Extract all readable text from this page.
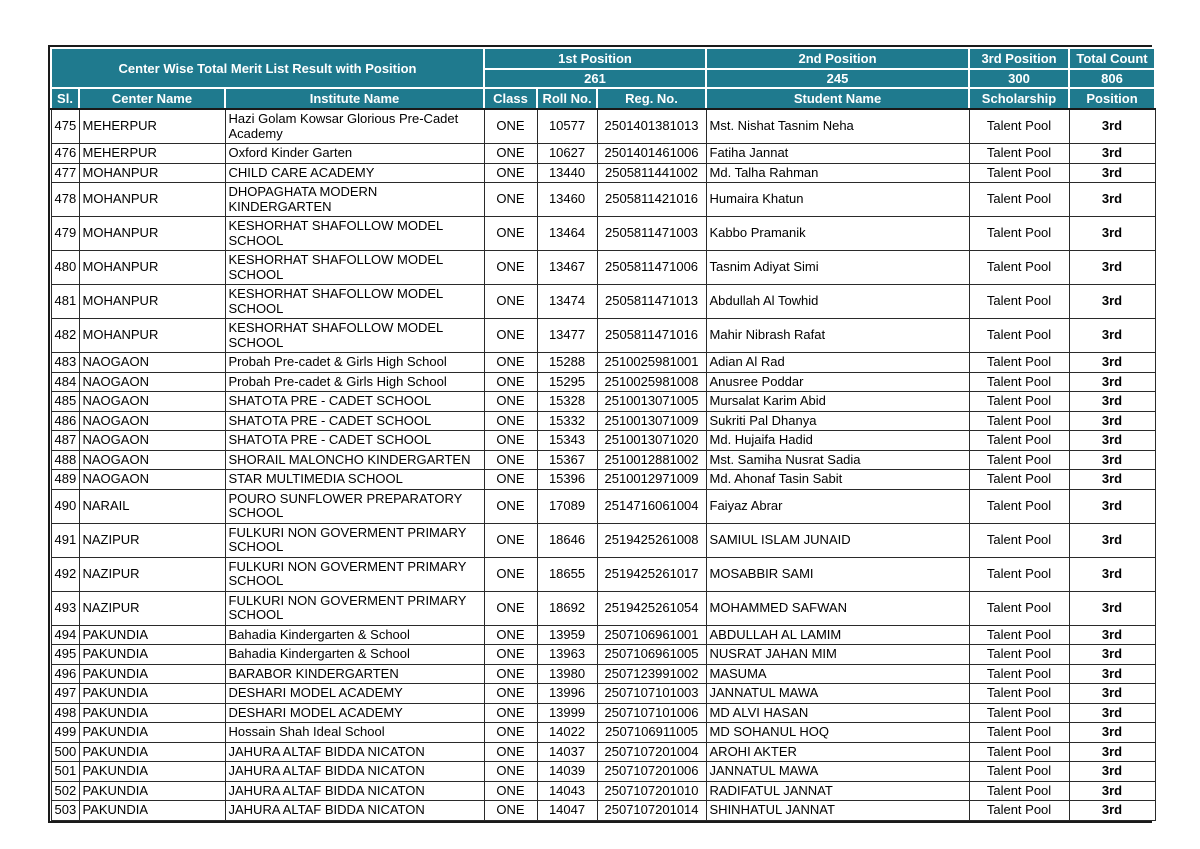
Center Wise Total Merit List Result with Position			1st Position			2nd Position	3rd Position	Total Count
			261			245	300	806
Sl.	Center Name	Institute Name	Class	Roll No.	Reg. No.	Student Name	Scholarship	Position
475	MEHERPUR	Hazi Golam Kowsar Glorious Pre-Cadet Academy	ONE	10577	2501401381013	Mst. Nishat Tasnim Neha	Talent Pool	3rd
476	MEHERPUR	Oxford Kinder Garten	ONE	10627	2501401461006	Fatiha Jannat	Talent Pool	3rd
477	MOHANPUR	CHILD CARE ACADEMY	ONE	13440	2505811441002	Md. Talha Rahman	Talent Pool	3rd
478	MOHANPUR	DHOPAGHATA MODERN KINDERGARTEN	ONE	13460	2505811421016	Humaira Khatun	Talent Pool	3rd
479	MOHANPUR	KESHORHAT SHAFOLLOW MODEL SCHOOL	ONE	13464	2505811471003	Kabbo Pramanik	Talent Pool	3rd
480	MOHANPUR	KESHORHAT SHAFOLLOW MODEL SCHOOL	ONE	13467	2505811471006	Tasnim Adiyat Simi	Talent Pool	3rd
481	MOHANPUR	KESHORHAT SHAFOLLOW MODEL SCHOOL	ONE	13474	2505811471013	Abdullah Al Towhid	Talent Pool	3rd
482	MOHANPUR	KESHORHAT SHAFOLLOW MODEL SCHOOL	ONE	13477	2505811471016	Mahir Nibrash Rafat	Talent Pool	3rd
483	NAOGAON	Probah Pre-cadet & Girls High School	ONE	15288	2510025981001	Adian Al Rad	Talent Pool	3rd
484	NAOGAON	Probah Pre-cadet & Girls High School	ONE	15295	2510025981008	Anusree Poddar	Talent Pool	3rd
485	NAOGAON	SHATOTA PRE - CADET SCHOOL	ONE	15328	2510013071005	Mursalat Karim Abid	Talent Pool	3rd
486	NAOGAON	SHATOTA PRE - CADET SCHOOL	ONE	15332	2510013071009	Sukriti Pal Dhanya	Talent Pool	3rd
487	NAOGAON	SHATOTA PRE - CADET SCHOOL	ONE	15343	2510013071020	Md. Hujaifa Hadid	Talent Pool	3rd
488	NAOGAON	SHORAIL MALONCHO KINDERGARTEN	ONE	15367	2510012881002	Mst. Samiha Nusrat Sadia	Talent Pool	3rd
489	NAOGAON	STAR MULTIMEDIA SCHOOL	ONE	15396	2510012971009	Md. Ahonaf Tasin Sabit	Talent Pool	3rd
490	NARAIL	POURO SUNFLOWER PREPARATORY SCHOOL	ONE	17089	2514716061004	Faiyaz Abrar	Talent Pool	3rd
491	NAZIPUR	FULKURI NON GOVERMENT PRIMARY SCHOOL	ONE	18646	2519425261008	SAMIUL ISLAM JUNAID	Talent Pool	3rd
492	NAZIPUR	FULKURI NON GOVERMENT PRIMARY SCHOOL	ONE	18655	2519425261017	MOSABBIR SAMI	Talent Pool	3rd
493	NAZIPUR	FULKURI NON GOVERMENT PRIMARY SCHOOL	ONE	18692	2519425261054	MOHAMMED SAFWAN	Talent Pool	3rd
494	PAKUNDIA	Bahadia Kindergarten & School	ONE	13959	2507106961001	ABDULLAH AL LAMIM	Talent Pool	3rd
495	PAKUNDIA	Bahadia Kindergarten & School	ONE	13963	2507106961005	NUSRAT JAHAN MIM	Talent Pool	3rd
496	PAKUNDIA	BARABOR KINDERGARTEN	ONE	13980	2507123991002	MASUMA	Talent Pool	3rd
497	PAKUNDIA	DESHARI MODEL ACADEMY	ONE	13996	2507107101003	JANNATUL MAWA	Talent Pool	3rd
498	PAKUNDIA	DESHARI MODEL ACADEMY	ONE	13999	2507107101006	MD ALVI HASAN	Talent Pool	3rd
499	PAKUNDIA	Hossain Shah Ideal School	ONE	14022	2507106911005	MD SOHANUL HOQ	Talent Pool	3rd
500	PAKUNDIA	JAHURA ALTAF BIDDA NICATON	ONE	14037	2507107201004	AROHI AKTER	Talent Pool	3rd
501	PAKUNDIA	JAHURA ALTAF BIDDA NICATON	ONE	14039	2507107201006	JANNATUL MAWA	Talent Pool	3rd
502	PAKUNDIA	JAHURA ALTAF BIDDA NICATON	ONE	14043	2507107201010	RADIFATUL JANNAT	Talent Pool	3rd
503	PAKUNDIA	JAHURA ALTAF BIDDA NICATON	ONE	14047	2507107201014	SHINHATUL JANNAT	Talent Pool	3rd
